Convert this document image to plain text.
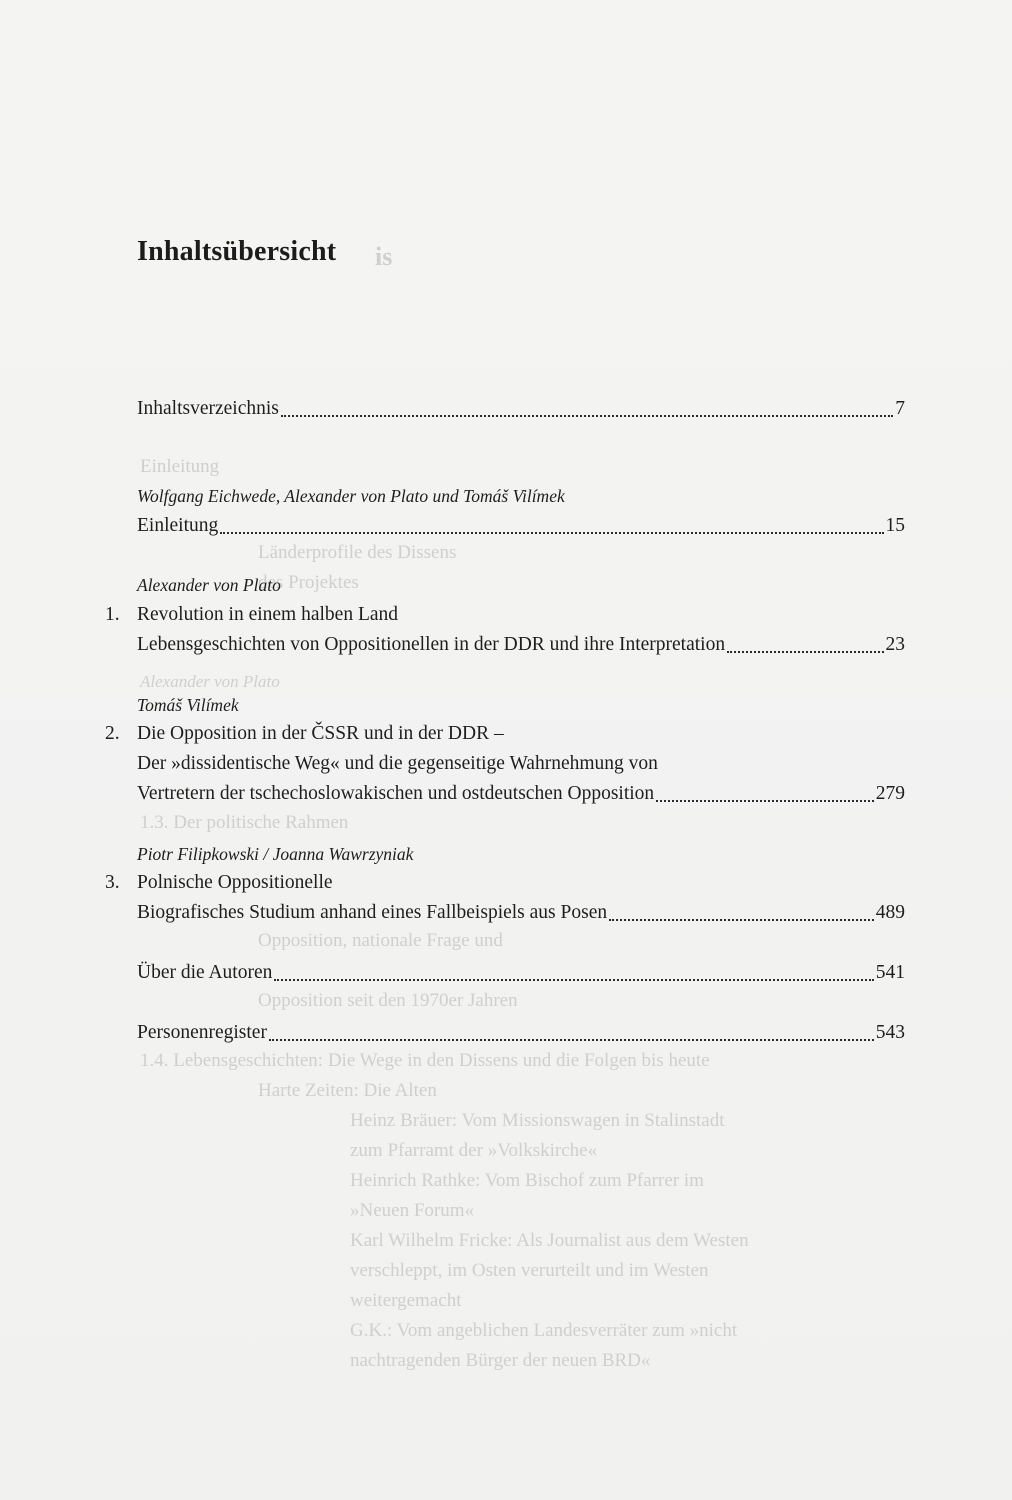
is
Einleitung
Länderprofile des Dissens
des Projektes
Alexander von Plato
1.3. Der politische Rahmen
Opposition, nationale Frage und
Opposition seit den 1970er Jahren
1.4. Lebensgeschichten: Die Wege in den Dissens und die Folgen bis heute
Harte Zeiten: Die Alten
Heinz Bräuer: Vom Missionswagen in Stalinstadt
zum Pfarramt der »Volkskirche«
Heinrich Rathke: Vom Bischof zum Pfarrer im
»Neuen Forum«
Karl Wilhelm Fricke: Als Journalist aus dem Westen
verschleppt, im Osten verurteilt und im Westen
weitergemacht
G.K.: Vom angeblichen Landesverräter zum »nicht
nachtragenden Bürger der neuen BRD«
Inhaltsübersicht
Inhaltsverzeichnis	7
Wolfgang Eichwede, Alexander von Plato und Tomáš Vilímek
Einleitung	15
Alexander von Plato
1. Revolution in einem halben Land
Lebensgeschichten von Oppositionellen in der DDR und ihre Interpretation	23
Tomáš Vilímek
2. Die Opposition in der ČSSR und in der DDR –
Der »dissidentische Weg« und die gegenseitige Wahrnehmung von
Vertretern der tschechoslowakischen und ostdeutschen Opposition	279
Piotr Filipkowski / Joanna Wawrzyniak
3. Polnische Oppositionelle
Biografisches Studium anhand eines Fallbeispiels aus Posen	489
Über die Autoren	541
Personenregister	543
